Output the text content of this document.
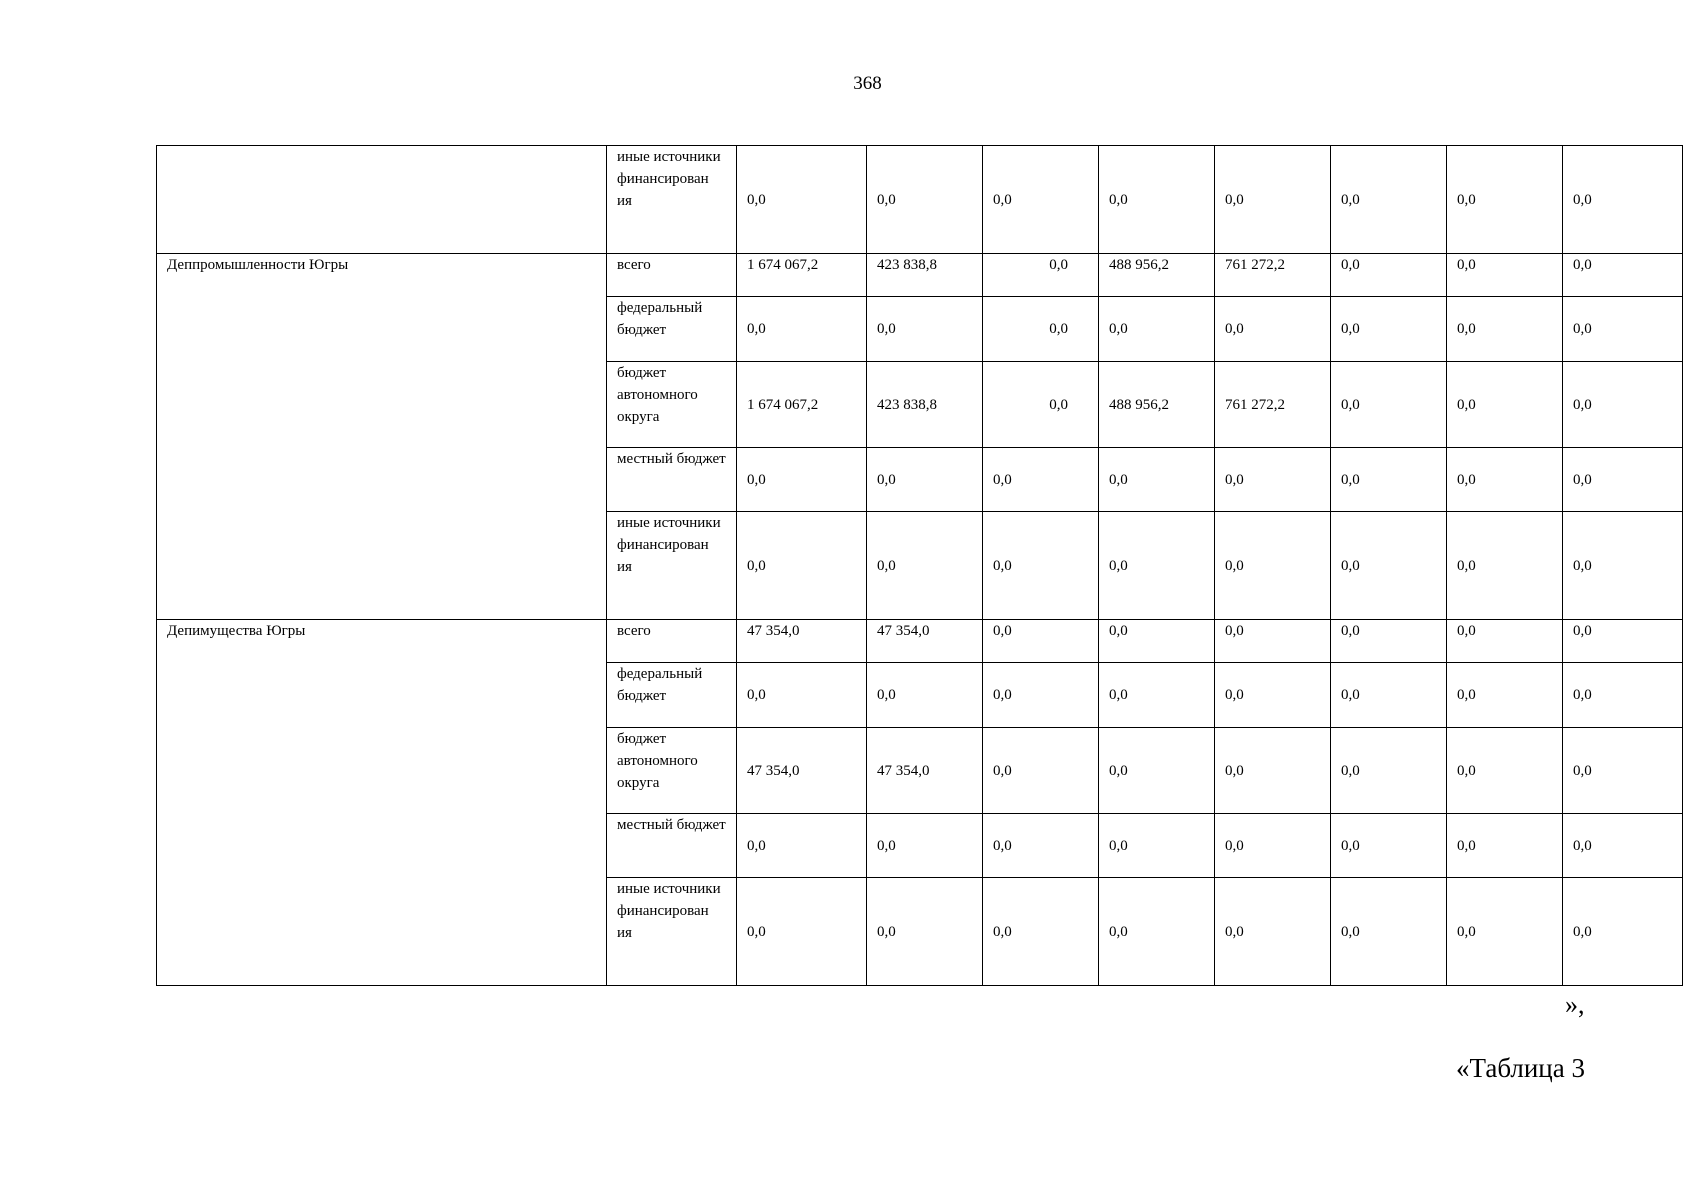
368
	иные источники финансирован ия	0,0	0,0	0,0	0,0	0,0	0,0	0,0	0,0
Деппромышленности Югры	всего	1 674 067,2	423 838,8	0,0	488 956,2	761 272,2	0,0	0,0	0,0
	федеральный бюджет	0,0	0,0	0,0	0,0	0,0	0,0	0,0	0,0
	бюджет автономного округа	1 674 067,2	423 838,8	0,0	488 956,2	761 272,2	0,0	0,0	0,0
	местный бюджет	0,0	0,0	0,0	0,0	0,0	0,0	0,0	0,0
	иные источники финансирован ия	0,0	0,0	0,0	0,0	0,0	0,0	0,0	0,0
Депимущества Югры	всего	47 354,0	47 354,0	0,0	0,0	0,0	0,0	0,0	0,0
	федеральный бюджет	0,0	0,0	0,0	0,0	0,0	0,0	0,0	0,0
	бюджет автономного округа	47 354,0	47 354,0	0,0	0,0	0,0	0,0	0,0	0,0
	местный бюджет	0,0	0,0	0,0	0,0	0,0	0,0	0,0	0,0
	иные источники финансирован ия	0,0	0,0	0,0	0,0	0,0	0,0	0,0	0,0
»,
«Таблица 3
